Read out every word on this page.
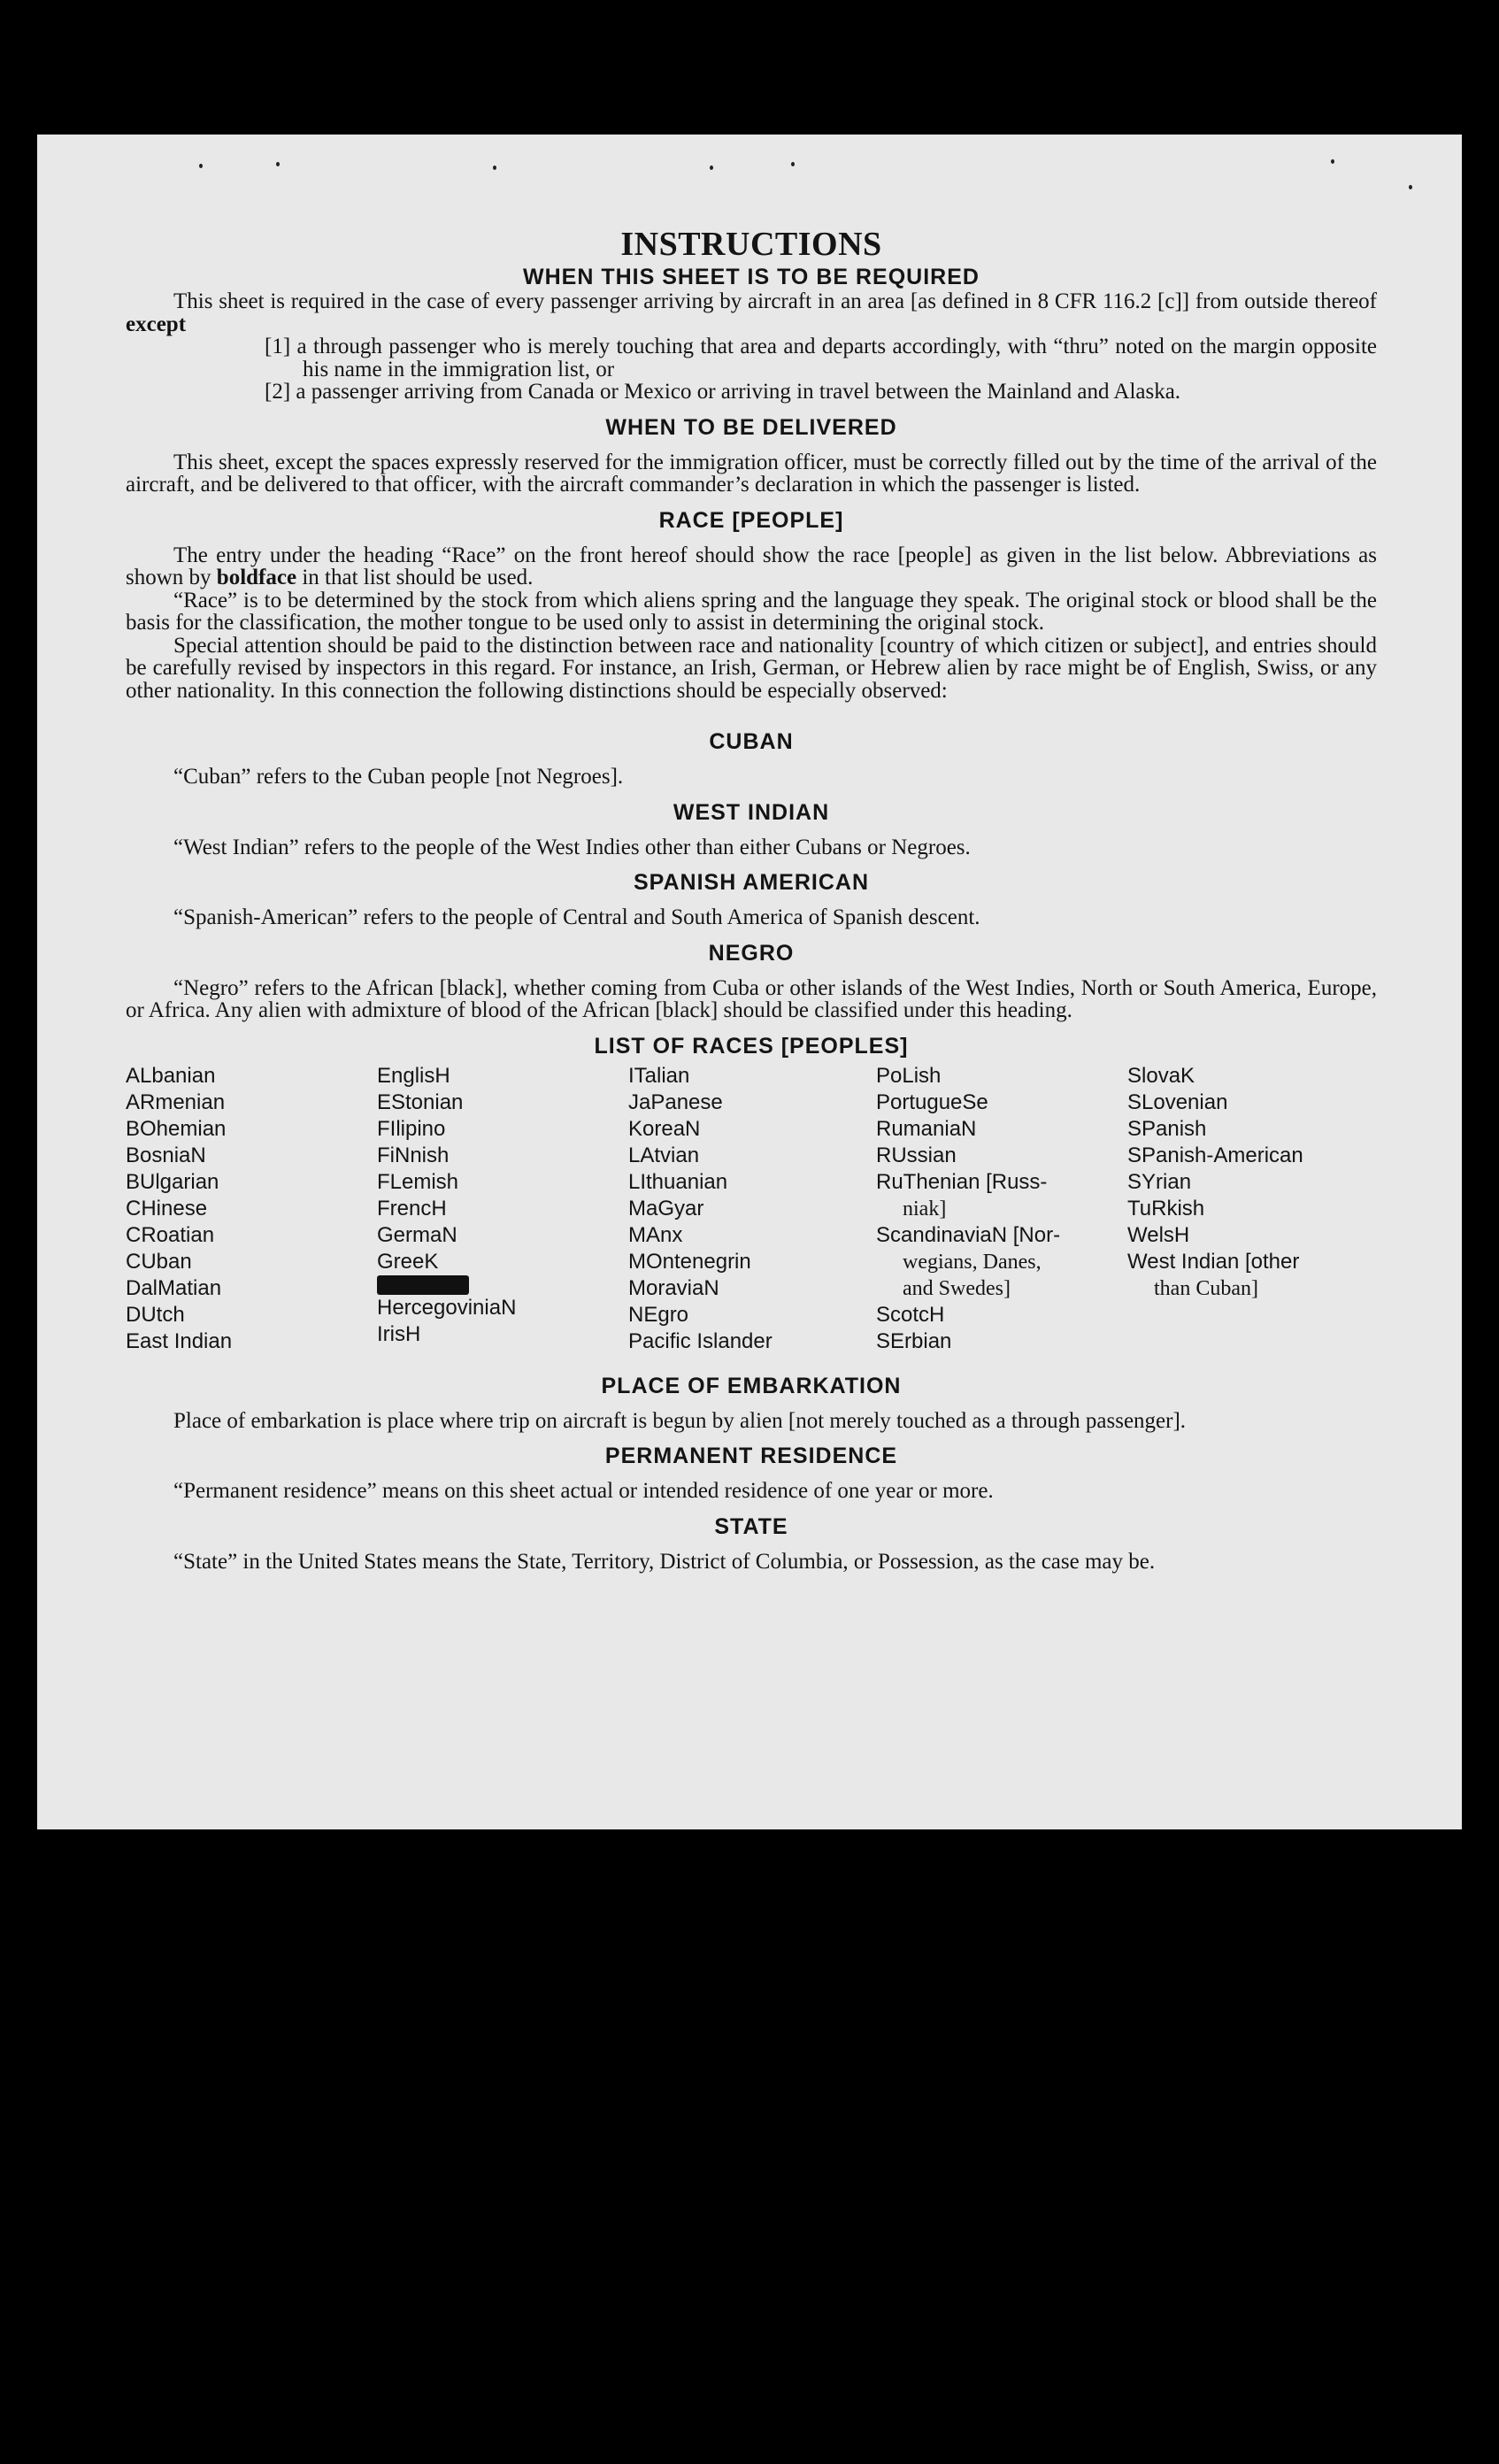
INSTRUCTIONS
WHEN THIS SHEET IS TO BE REQUIRED

This sheet is required in the case of every passenger arriving by aircraft in an area [as defined in 8 CFR 116.2 [c]] from outside thereof except

[1] a through passenger who is merely touching that area and departs accordingly, with “thru” noted on the margin opposite his name in the immigration list, or

[2] a passenger arriving from Canada or Mexico or arriving in travel between the Mainland and Alaska.

WHEN TO BE DELIVERED

This sheet, except the spaces expressly reserved for the immigration officer, must be correctly filled out by the time of the arrival of the aircraft, and be delivered to that officer, with the aircraft commander’s declaration in which the passenger is listed.

RACE [PEOPLE]

The entry under the heading “Race” on the front hereof should show the race [people] as given in the list below. Abbreviations as shown by boldface in that list should be used.

“Race” is to be determined by the stock from which aliens spring and the language they speak. The original stock or blood shall be the basis for the classification, the mother tongue to be used only to assist in determining the original stock.

Special attention should be paid to the distinction between race and nationality [country of which citizen or subject], and entries should be carefully revised by inspectors in this regard. For instance, an Irish, German, or Hebrew alien by race might be of English, Swiss, or any other nationality. In this connection the following distinctions should be especially observed:

CUBAN

“Cuban” refers to the Cuban people [not Negroes].

WEST INDIAN

“West Indian” refers to the people of the West Indies other than either Cubans or Negroes.

SPANISH AMERICAN

“Spanish-American” refers to the people of Central and South America of Spanish descent.

NEGRO

“Negro” refers to the African [black], whether coming from Cuba or other islands of the West Indies, North or South America, Europe, or Africa. Any alien with admixture of blood of the African [black] should be classified under this heading.

LIST OF RACES [PEOPLES]
ALbanian
ARmenian
BOhemian
BosniaN
BUlgarian
CHinese
CRoatian
CUban
DalMatian
DUtch
East Indian
EnglisH
EStonian
FIlipino
FiNnish
FLemish
FrencH
GermaN
GreeK
HercegoviniaN
IrisH
ITalian
JaPanese
KoreaN
LAtvian
LIthuanian
MaGyar
MAnx
MOntenegrin
MoraviaN
NEgro
Pacific Islander
PoLish
PortugueSe
RumaniaN
RUssian
RuThenian [Russ-
niak]
ScandinaviaN [Nor-
wegians, Danes,
and Swedes]
ScotcH
SErbian
SlovaK
SLovenian
SPanish
SPanish-American
SYrian
TuRkish
WelsH
West Indian [other
than Cuban]
PLACE OF EMBARKATION

Place of embarkation is place where trip on aircraft is begun by alien [not merely touched as a through passenger].

PERMANENT RESIDENCE

“Permanent residence” means on this sheet actual or intended residence of one year or more.

STATE

“State” in the United States means the State, Territory, District of Columbia, or Possession, as the case may be.
